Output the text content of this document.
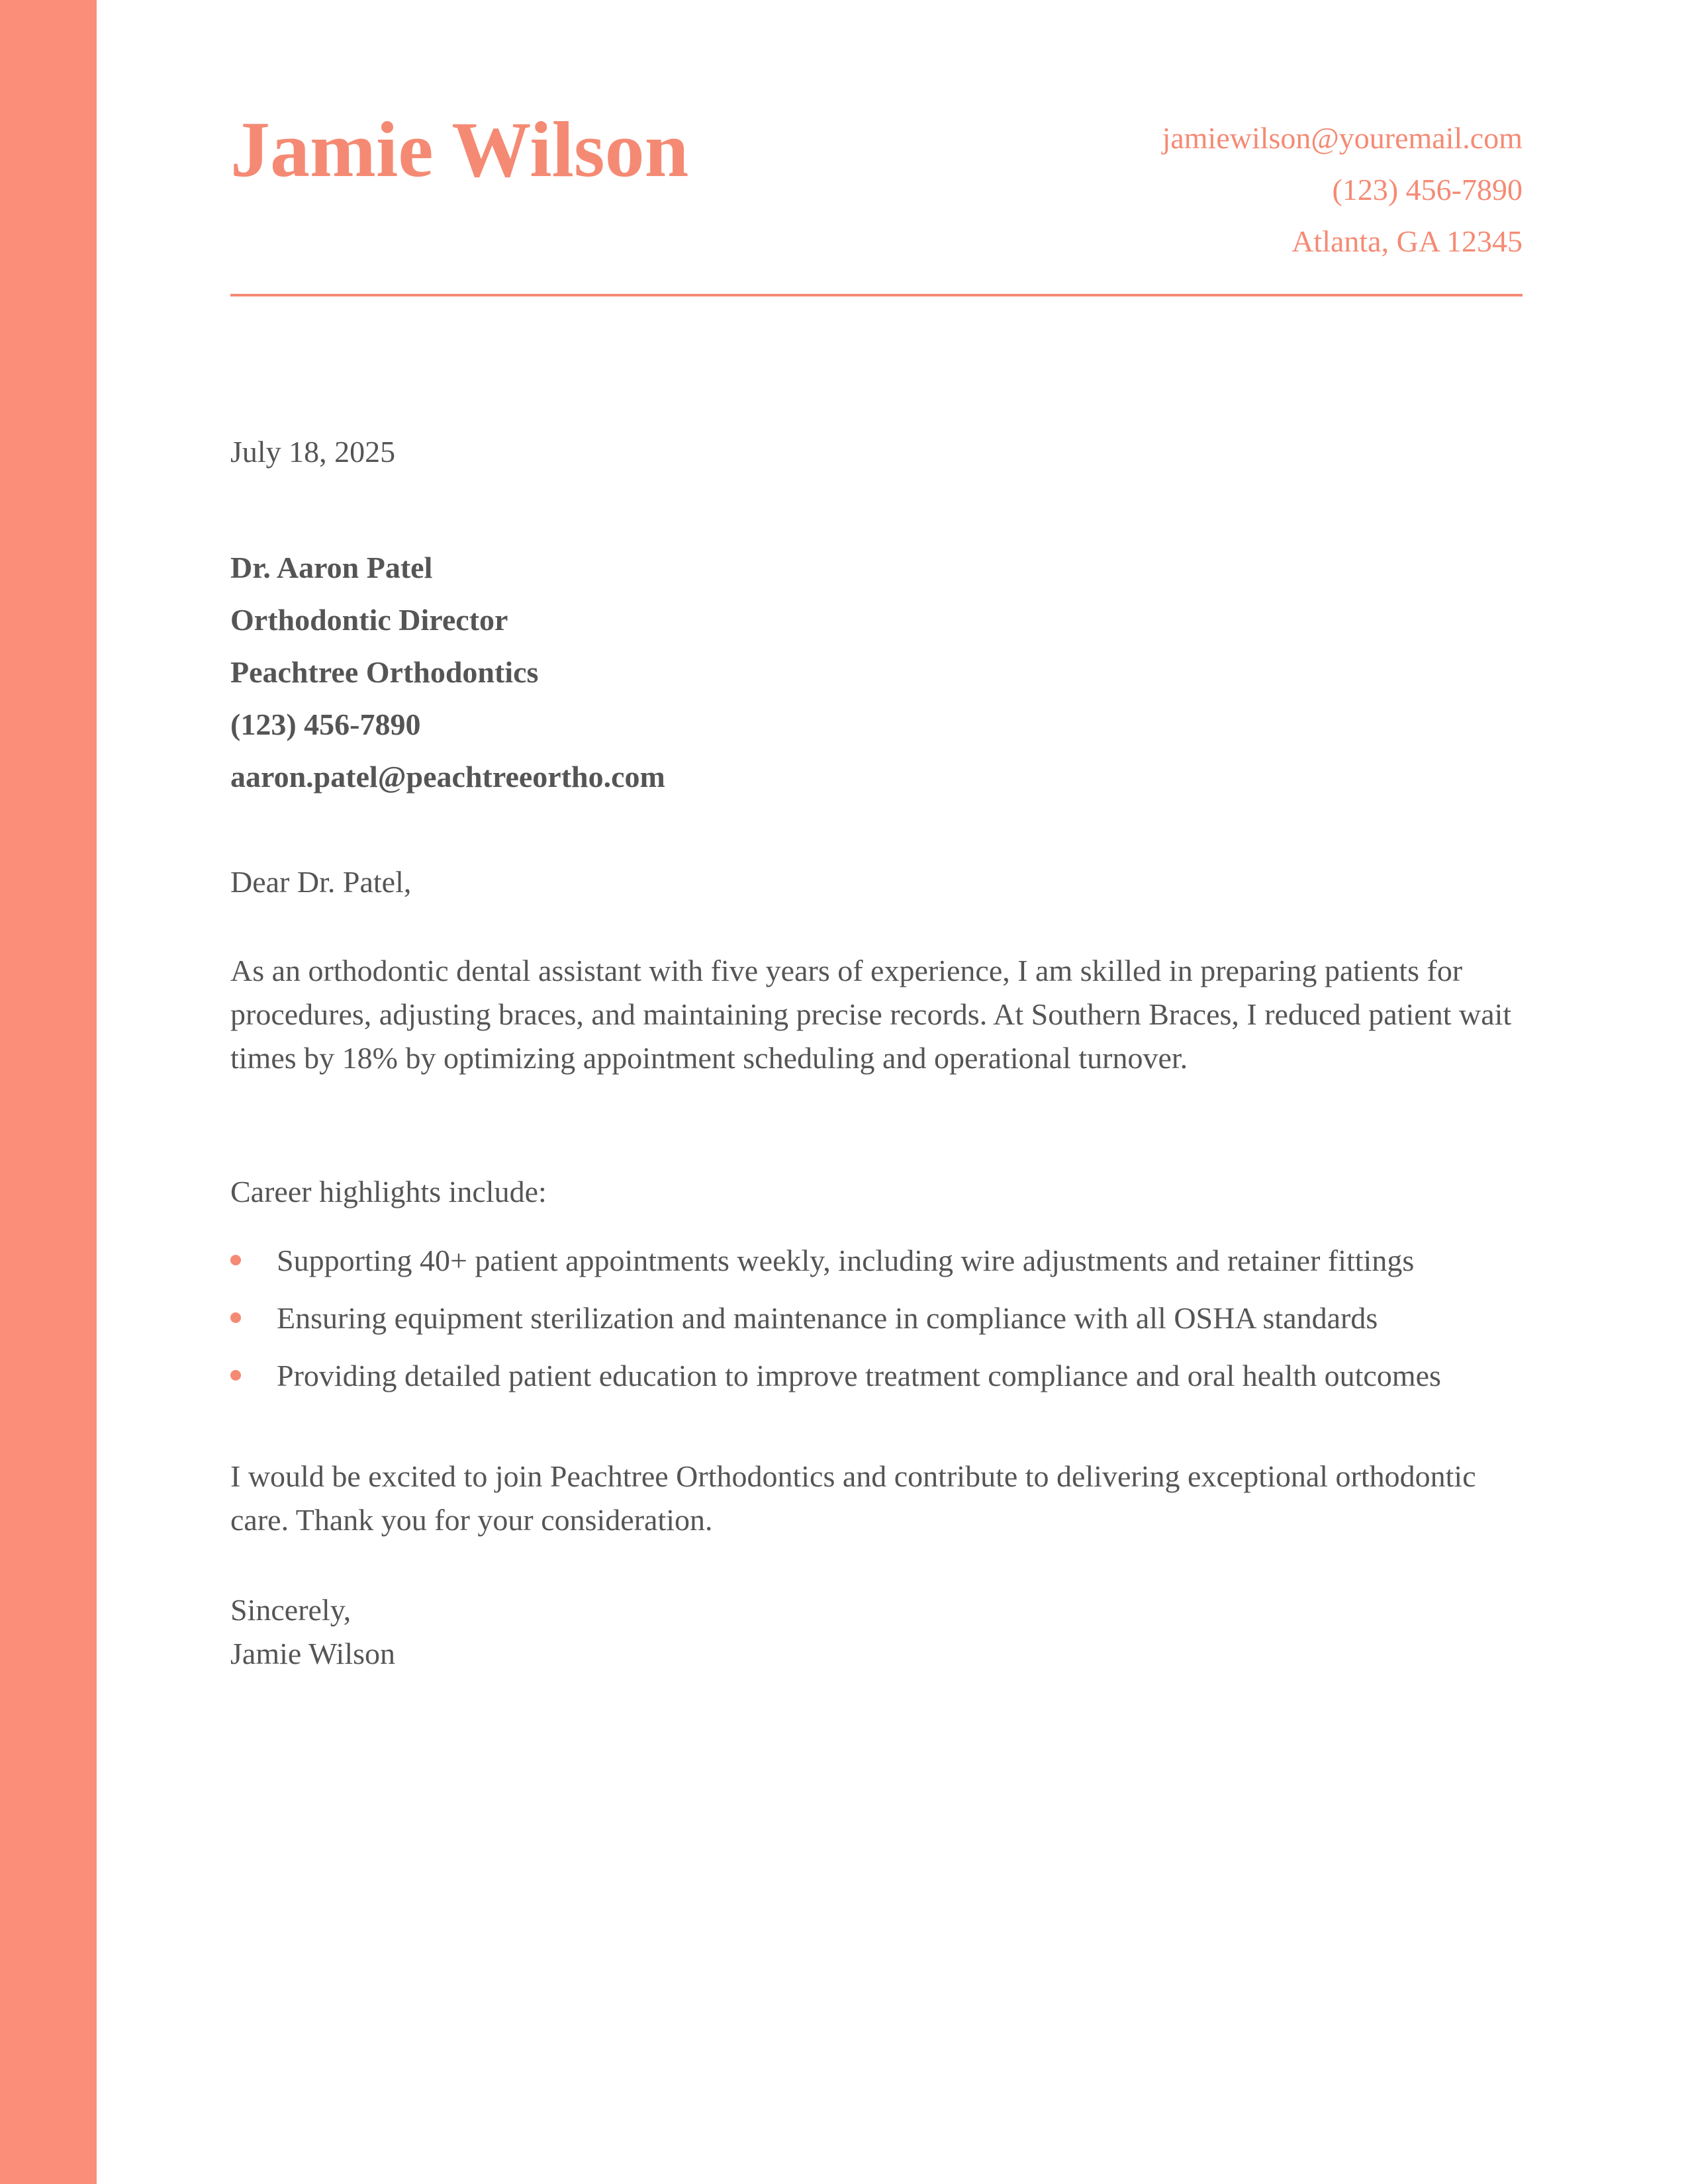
Jamie Wilson	jamiewilson@youremail.com
(123) 456-7890
Atlanta, GA 12345
July 18, 2025
Dr. Aaron Patel
Orthodontic Director
Peachtree Orthodontics
(123) 456-7890
aaron.patel@peachtreeortho.com
Dear Dr. Patel,
As an orthodontic dental assistant with five years of experience, I am skilled in preparing patients for procedures, adjusting braces, and maintaining precise records. At Southern Braces, I reduced patient wait times by 18% by optimizing appointment scheduling and operational turnover.
Career highlights include:
Supporting 40+ patient appointments weekly, including wire adjustments and retainer fittings
Ensuring equipment sterilization and maintenance in compliance with all OSHA standards
Providing detailed patient education to improve treatment compliance and oral health outcomes
I would be excited to join Peachtree Orthodontics and contribute to delivering exceptional orthodontic care. Thank you for your consideration.
Sincerely,
Jamie Wilson
